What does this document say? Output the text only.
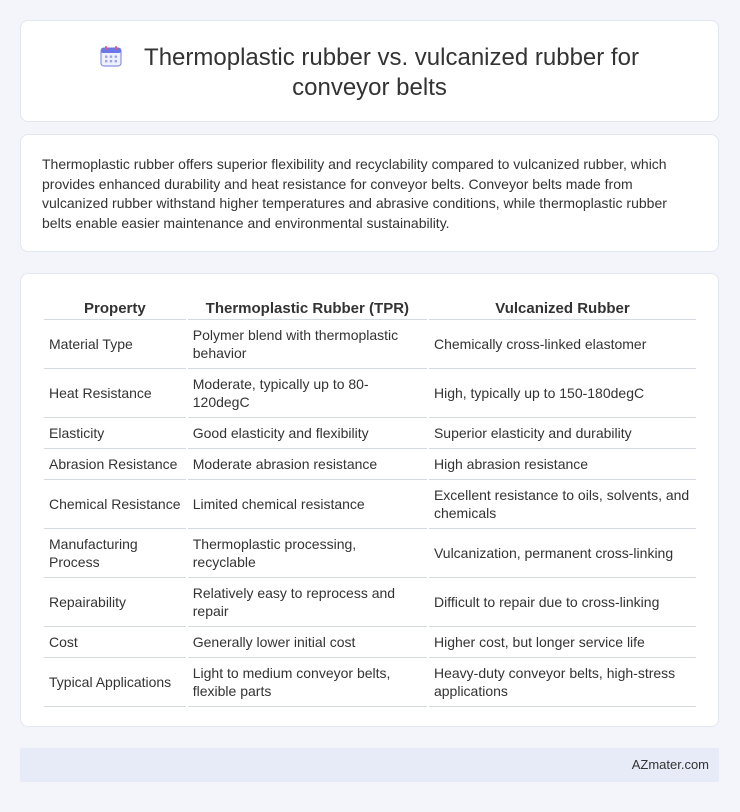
Thermoplastic rubber vs. vulcanized rubber for conveyor belts

Thermoplastic rubber offers superior flexibility and recyclability compared to vulcanized rubber, which provides enhanced durability and heat resistance for conveyor belts. Conveyor belts made from vulcanized rubber withstand higher temperatures and abrasive conditions, while thermoplastic rubber belts enable easier maintenance and environmental sustainability.

Property	Thermoplastic Rubber (TPR)	Vulcanized Rubber
Material Type	Polymer blend with thermoplastic behavior	Chemically cross-linked elastomer
Heat Resistance	Moderate, typically up to 80-120degC	High, typically up to 150-180degC
Elasticity	Good elasticity and flexibility	Superior elasticity and durability
Abrasion Resistance	Moderate abrasion resistance	High abrasion resistance
Chemical Resistance	Limited chemical resistance	Excellent resistance to oils, solvents, and chemicals
Manufacturing Process	Thermoplastic processing, recyclable	Vulcanization, permanent cross-linking
Repairability	Relatively easy to reprocess and repair	Difficult to repair due to cross-linking
Cost	Generally lower initial cost	Higher cost, but longer service life
Typical Applications	Light to medium conveyor belts, flexible parts	Heavy-duty conveyor belts, high-stress applications
AZmater.com
